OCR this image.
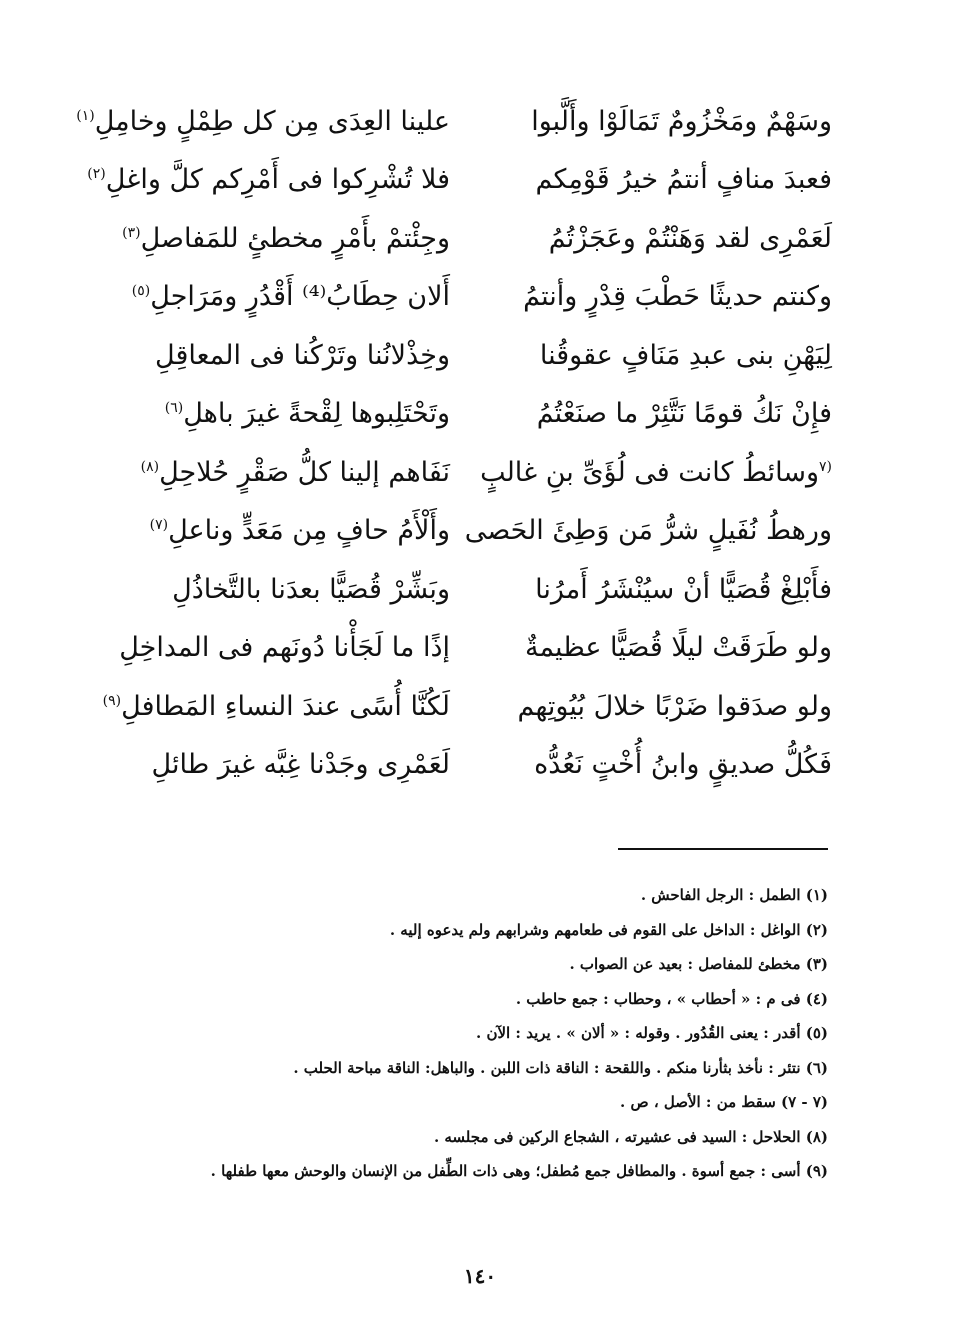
وسَهْمٌ ومَخْزُومٌ تَمَالَوْا وأَلَّبوا
علينا العِدَى مِن كل طِمْلٍ وخامِلِ$^{(١)}$
فعبدَ منافٍ أنتمُ خيرُ قَوْمِكم
فلا تُشْرِكوا فى أَمْرِكم كلَّ واغلِ$^{(٢)}$
لَعَمْرِى لقد وَهَنْتُمْ وعَجَزْتُمُ
وجِئْتمْ بأَمْرٍ مخطئٍ للمَفاصلِ$^{(٣)}$
وكنتم حديثًا حَطْبَ قِدْرٍ وأنتمُ
أَلان حِطَابُ⁽⁴⁾ أَقْدُرٍ ومَرَاجلِ$^{(٥)}$
لِيَهْنِ بنى عبدِ مَنَافٍ عقوقُنا
وخِذْلانُنا وتَرْكُنا فى المعاقِلِ
فإِنْ نَكُ قومًا نَتَّئِرْ ما صنَعْتُمُ
وتَحْتَلِبوها لِقْحةً غيرَ باهلِ$^{(٦)}$
$^{(٧}$وسائطُ كانت فى لُؤَىِّ بنِ غالبٍ
نَفَاهم إلينا كلُّ صَقْرٍ حُلاحِلِ$^{(٨)}$
ورهطُ نُفَيلٍ شرُّ مَن وَطِئَ الحَصى
وأَلْأَمُ حافٍ مِن مَعَدٍّ وناعلِ$^{(٧)}$
فأَبْلِغْ قُصَيًّا أنْ سيُنْشَرُ أَمرُنا
وبَشِّرْ قُصَيًّا بعدَنا بالتَّخاذُلِ
ولو طَرَقَتْ ليلًا قُصَيًّا عظيمةٌ
إذًا ما لَجَأْنا دُونَهم فى المداخِلِ
ولو صدَقوا ضَرْبًا خلالَ بُيُوتِهم
لَكُنَّا أُسًى عندَ النساءِ المَطافلِ$^{(٩)}$
فَكُلُّ صديقٍ وابنُ أُخْتٍ نَعُدُّه
لَعَمْرِى وجَدْنا غِبَّه غيرَ طائلِ
(١) الطمل : الرجل الفاحش .
(٢) الواغل : الداخل على القوم فى طعامهم وشرابهم ولم يدعوه إليه .
(٣) مخطئ للمفاصل : بعيد عن الصواب .
(٤) فى م : « أحطاب » ، وحطاب : جمع حاطب .
(٥) أقدر : يعنى القُدُور . وقوله : « ألان » . يريد : الآن .
(٦) نتئر : نأخذ بثأرنا منكم . واللقحة : الناقة ذات اللبن . والباهل: الناقة مباحة الحلب .
(٧ - ٧) سقط من : الأصل ، ص .
(٨) الحلاحل : السيد فى عشيرته ، الشجاع الركين فى مجلسه .
(٩) أسى : جمع أسوة . والمطافل جمع مُطفل؛ وهى ذات الطِّفل من الإنسان والوحش معها طفلها .
١٤٠
